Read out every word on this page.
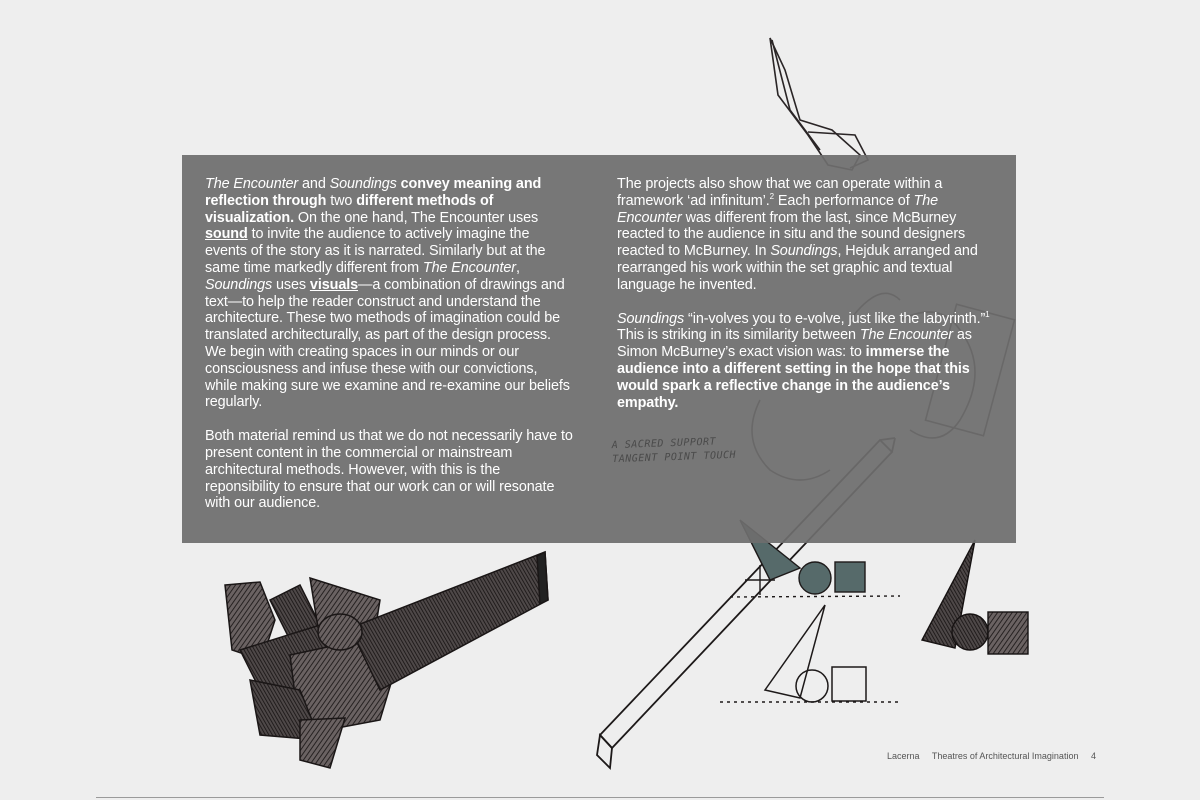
The Encounter and Soundings convey meaning and reflection through two different methods of visualization. On the one hand, The Encounter uses sound to invite the audience to actively imagine the events of the story as it is narrated. Similarly but at the same time markedly different from The Encounter, Soundings uses visuals—a combination of drawings and text—to help the reader construct and understand the architecture. These two methods of imagination could be translated architecturally, as part of the design process. We begin with creating spaces in our minds or our consciousness and infuse these with our convictions, while making sure we examine and re-examine our beliefs regularly.

Both material remind us that we do not necessarily have to present content in the commercial or mainstream architectural methods. However, with this is the reponsibility to ensure that our work can or will resonate with our audience.

The projects also show that we can operate within a framework ‘ad infinitum’.$^2$ Each performance of The Encounter was different from the last, since McBurney reacted to the audience in situ and the sound designers reacted to McBurney. In Soundings, Hejduk arranged and rearranged his work within the set graphic and textual language he invented.

Soundings “in-volves you to e-volve, just like the labyrinth.”$^1$ This is striking in its similarity between The Encounter as Simon McBurney’s exact vision was: to immerse the audience into a different setting in the hope that this would spark a reflective change in the audience’s empathy.

A SACRED SUPPORT
TANGENT POINT TOUCH
Lacerna Theatres of Architectural Imagination 4
